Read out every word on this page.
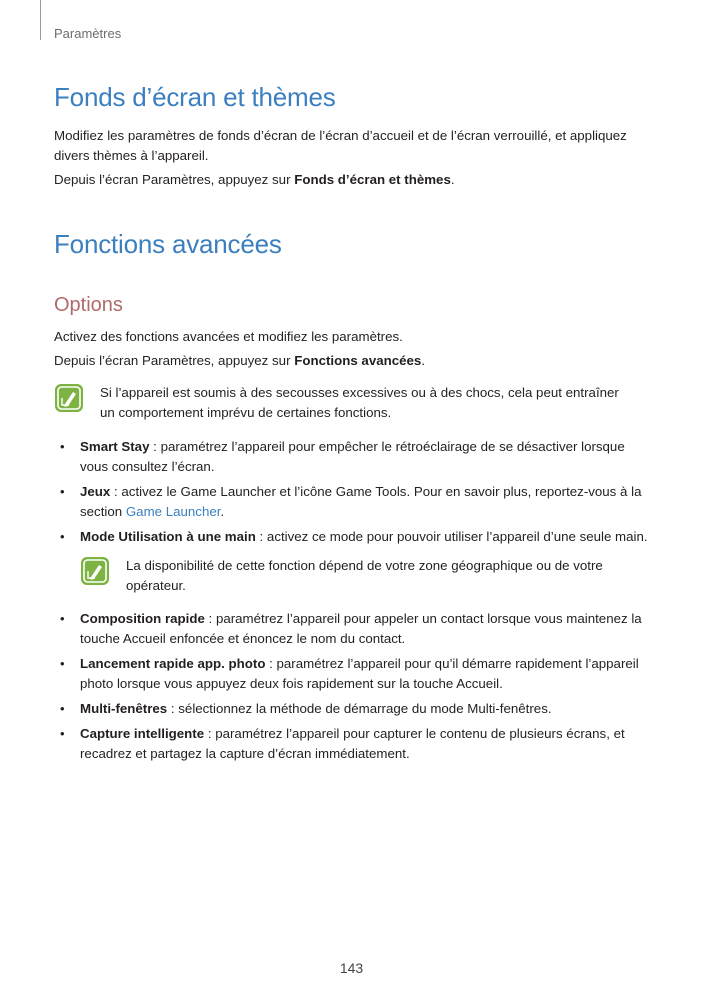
Paramètres
Fonds d’écran et thèmes

Modifiez les paramètres de fonds d’écran de l’écran d’accueil et de l’écran verrouillé, et appliquez divers thèmes à l’appareil.

Depuis l’écran Paramètres, appuyez sur Fonds d’écran et thèmes.

Fonctions avancées
Options

Activez des fonctions avancées et modifiez les paramètres.

Depuis l’écran Paramètres, appuyez sur Fonctions avancées.

Si l’appareil est soumis à des secousses excessives ou à des chocs, cela peut entraîner un comportement imprévu de certaines fonctions.
• Smart Stay : paramétrez l’appareil pour empêcher le rétroéclairage de se désactiver lorsque vous consultez l’écran.
• Jeux : activez le Game Launcher et l’icône Game Tools. Pour en savoir plus, reportez-vous à la section Game Launcher.
• Mode Utilisation à une main : activez ce mode pour pouvoir utiliser l’appareil d’une seule main.
La disponibilité de cette fonction dépend de votre zone géographique ou de votre opérateur.
• Composition rapide : paramétrez l’appareil pour appeler un contact lorsque vous maintenez la touche Accueil enfoncée et énoncez le nom du contact.
• Lancement rapide app. photo : paramétrez l’appareil pour qu’il démarre rapidement l’appareil photo lorsque vous appuyez deux fois rapidement sur la touche Accueil.
• Multi-fenêtres : sélectionnez la méthode de démarrage du mode Multi-fenêtres.
• Capture intelligente : paramétrez l’appareil pour capturer le contenu de plusieurs écrans, et recadrez et partagez la capture d’écran immédiatement.
143
